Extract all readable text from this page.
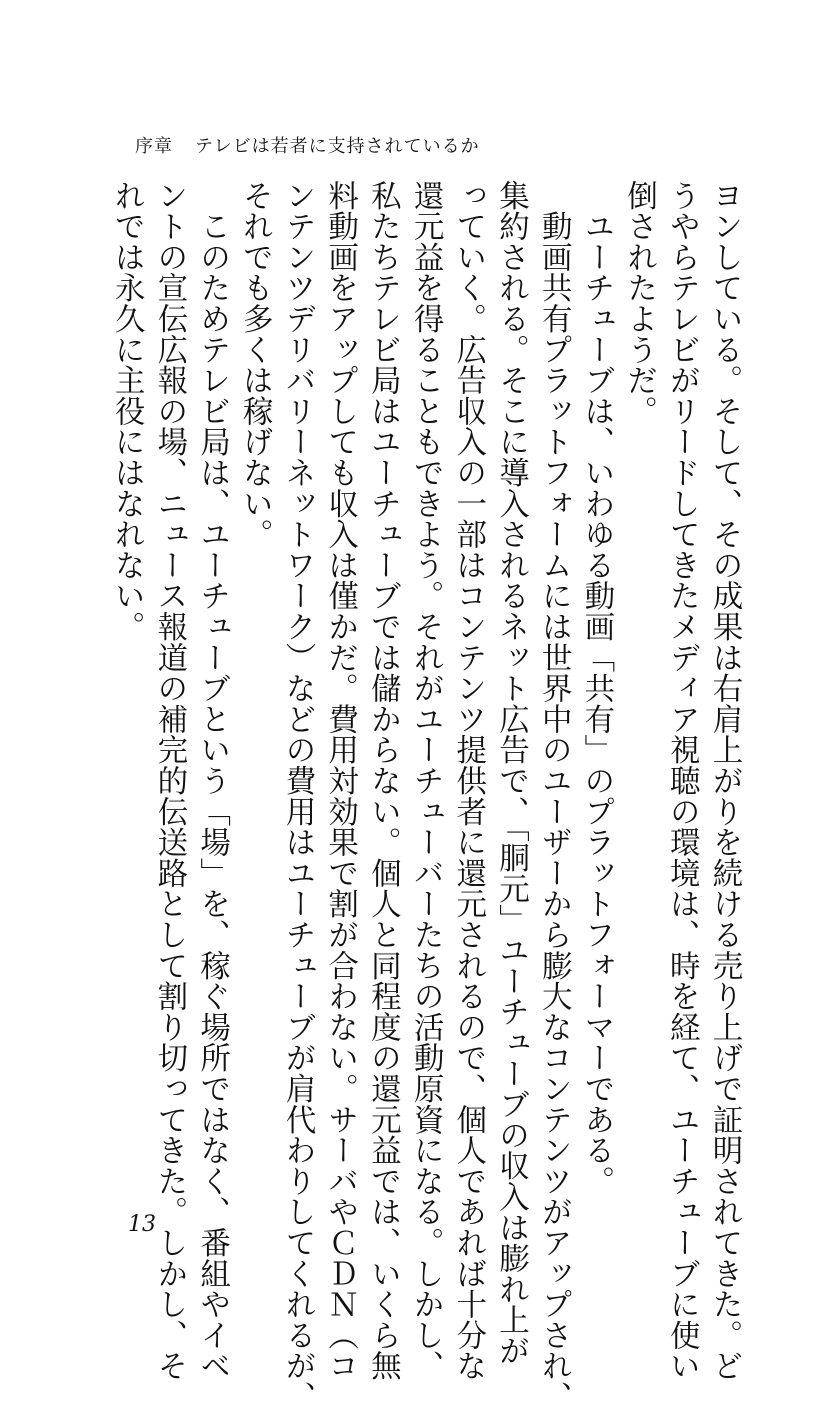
序章 テレビは若者に支持されているか
ヨンしている。そして、その成果は右肩上がりを続ける売り上げで証明されてきた。ど
うやらテレビがリードしてきたメディア視聴の環境は、時を経て、ユーチューブに使い
倒されたようだ。
　ユーチューブは、いわゆる動画「共有」のプラットフォーマーである。
　動画共有プラットフォームには世界中のユーザーから膨大なコンテンツがアップされ、
集約される。そこに導入されるネット広告で、「胴元」ユーチューブの収入は膨れ上が
っていく。広告収入の一部はコンテンツ提供者に還元されるので、個人であれば十分な
還元益を得ることもできよう。それがユーチューバーたちの活動原資になる。しかし、
私たちテレビ局はユーチューブでは儲からない。個人と同程度の還元益では、いくら無
料動画をアップしても収入は僅かだ。費用対効果で割が合わない。サーバやＣＤＮ（コ
ンテンツデリバリーネットワーク）などの費用はユーチューブが肩代わりしてくれるが、
それでも多くは稼げない。
　このためテレビ局は、ユーチューブという「場」を、稼ぐ場所ではなく、番組やイベ
ントの宣伝広報の場、ニュース報道の補完的伝送路として割り切ってきた。しかし、そ
れでは永久に主役にはなれない。
13
